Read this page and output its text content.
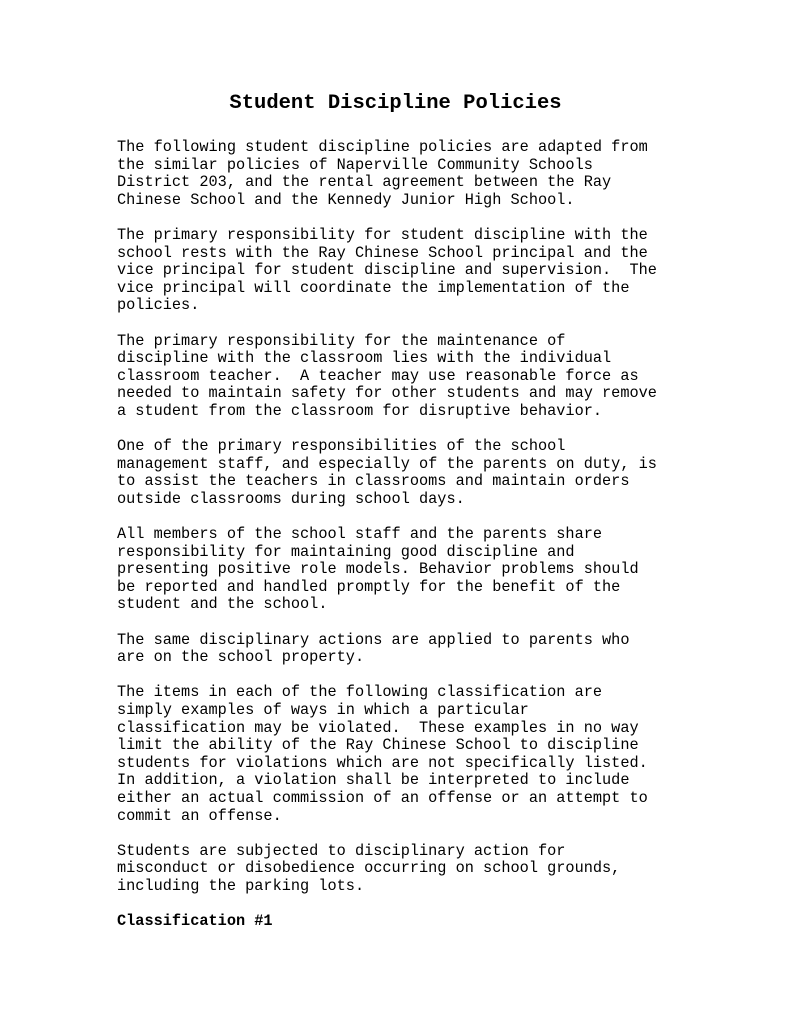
Student Discipline Policies
The following student discipline policies are adapted from
the similar policies of Naperville Community Schools
District 203, and the rental agreement between the Ray
Chinese School and the Kennedy Junior High School.
The primary responsibility for student discipline with the
school rests with the Ray Chinese School principal and the
vice principal for student discipline and supervision.  The
vice principal will coordinate the implementation of the
policies.
The primary responsibility for the maintenance of
discipline with the classroom lies with the individual
classroom teacher.  A teacher may use reasonable force as
needed to maintain safety for other students and may remove
a student from the classroom for disruptive behavior.
One of the primary responsibilities of the school
management staff, and especially of the parents on duty, is
to assist the teachers in classrooms and maintain orders
outside classrooms during school days.
All members of the school staff and the parents share
responsibility for maintaining good discipline and
presenting positive role models. Behavior problems should
be reported and handled promptly for the benefit of the
student and the school.
The same disciplinary actions are applied to parents who
are on the school property.
The items in each of the following classification are
simply examples of ways in which a particular
classification may be violated.  These examples in no way
limit the ability of the Ray Chinese School to discipline
students for violations which are not specifically listed.
In addition, a violation shall be interpreted to include
either an actual commission of an offense or an attempt to
commit an offense.
Students are subjected to disciplinary action for
misconduct or disobedience occurring on school grounds,
including the parking lots.
Classification #1
